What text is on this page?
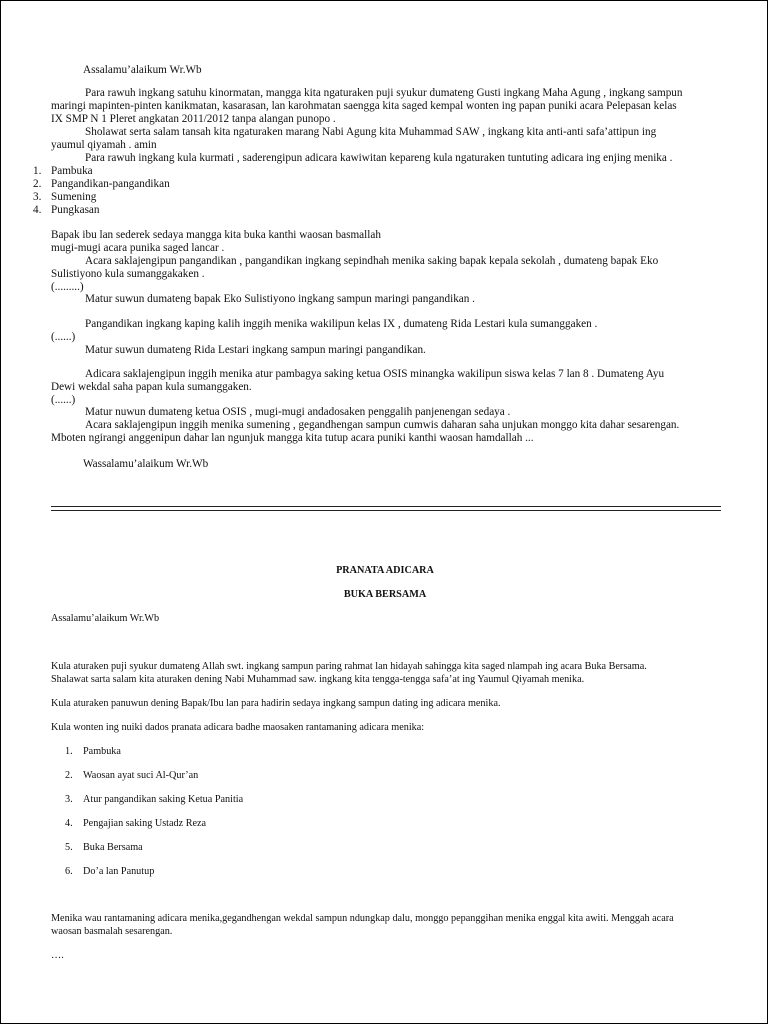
Assalamu’alaikum Wr.Wb
Para rawuh ingkang satuhu kinormatan, mangga kita ngaturaken puji syukur dumateng Gusti ingkang Maha Agung , ingkang sampun
maringi mapinten-pinten kanikmatan, kasarasan, lan karohmatan saengga kita saged kempal wonten ing papan puniki acara Pelepasan kelas
IX SMP N 1 Pleret angkatan 2011/2012 tanpa alangan punopo .
Sholawat serta salam tansah kita ngaturaken marang Nabi Agung kita Muhammad SAW , ingkang kita anti-anti safa’attipun ing
yaumul qiyamah . amin
Para rawuh ingkang kula kurmati , saderengipun adicara kawiwitan kepareng kula ngaturaken tuntuting adicara ing enjing menika .
1. Pambuka
2. Pangandikan-pangandikan
3. Sumening
4. Pungkasan
Bapak ibu lan sederek sedaya mangga kita buka kanthi waosan basmallah
mugi-mugi acara punika saged lancar .
Acara saklajengipun pangandikan , pangandikan ingkang sepindhah menika saking bapak kepala sekolah , dumateng bapak Eko
Sulistiyono kula sumanggakaken .
(.........)
Matur suwun dumateng bapak Eko Sulistiyono ingkang sampun maringi pangandikan .
Pangandikan ingkang kaping kalih inggih menika wakilipun kelas IX , dumateng Rida Lestari kula sumanggaken .
(......)
Matur suwun dumateng Rida Lestari ingkang sampun maringi pangandikan.
Adicara saklajengipun inggih menika atur pambagya saking ketua OSIS minangka wakilipun siswa kelas 7 lan 8 . Dumateng Ayu
Dewi wekdal saha papan kula sumanggaken.
(......)
Matur nuwun dumateng ketua OSIS , mugi-mugi andadosaken penggalih panjenengan sedaya .
Acara saklajengipun inggih menika sumening , gegandhengan sampun cumwis daharan saha unjukan monggo kita dahar sesarengan.
Mboten ngirangi anggenipun dahar lan ngunjuk mangga kita tutup acara puniki kanthi waosan hamdallah ...
Wassalamu’alaikum Wr.Wb
PRANATA ADICARA
BUKA BERSAMA
Assalamu’alaikum Wr.Wb
Kula aturaken puji syukur dumateng Allah swt. ingkang sampun paring rahmat lan hidayah sahingga kita saged nlampah ing acara Buka Bersama.
Shalawat sarta salam kita aturaken dening Nabi Muhammad saw. ingkang kita tengga-tengga safa’at ing Yaumul Qiyamah menika.
Kula aturaken panuwun dening Bapak/Ibu lan para hadirin sedaya ingkang sampun dating ing adicara menika.
Kula wonten ing nuiki dados pranata adicara badhe maosaken rantamaning adicara menika:
1. Pambuka
2. Waosan ayat suci Al-Qur’an
3. Atur pangandikan saking Ketua Panitia
4. Pengajian saking Ustadz Reza
5. Buka Bersama
6. Do’a lan Panutup
Menika wau rantamaning adicara menika,gegandhengan wekdal sampun ndungkap dalu, monggo pepanggihan menika enggal kita awiti. Menggah acara
waosan basmalah sesarengan.
….
